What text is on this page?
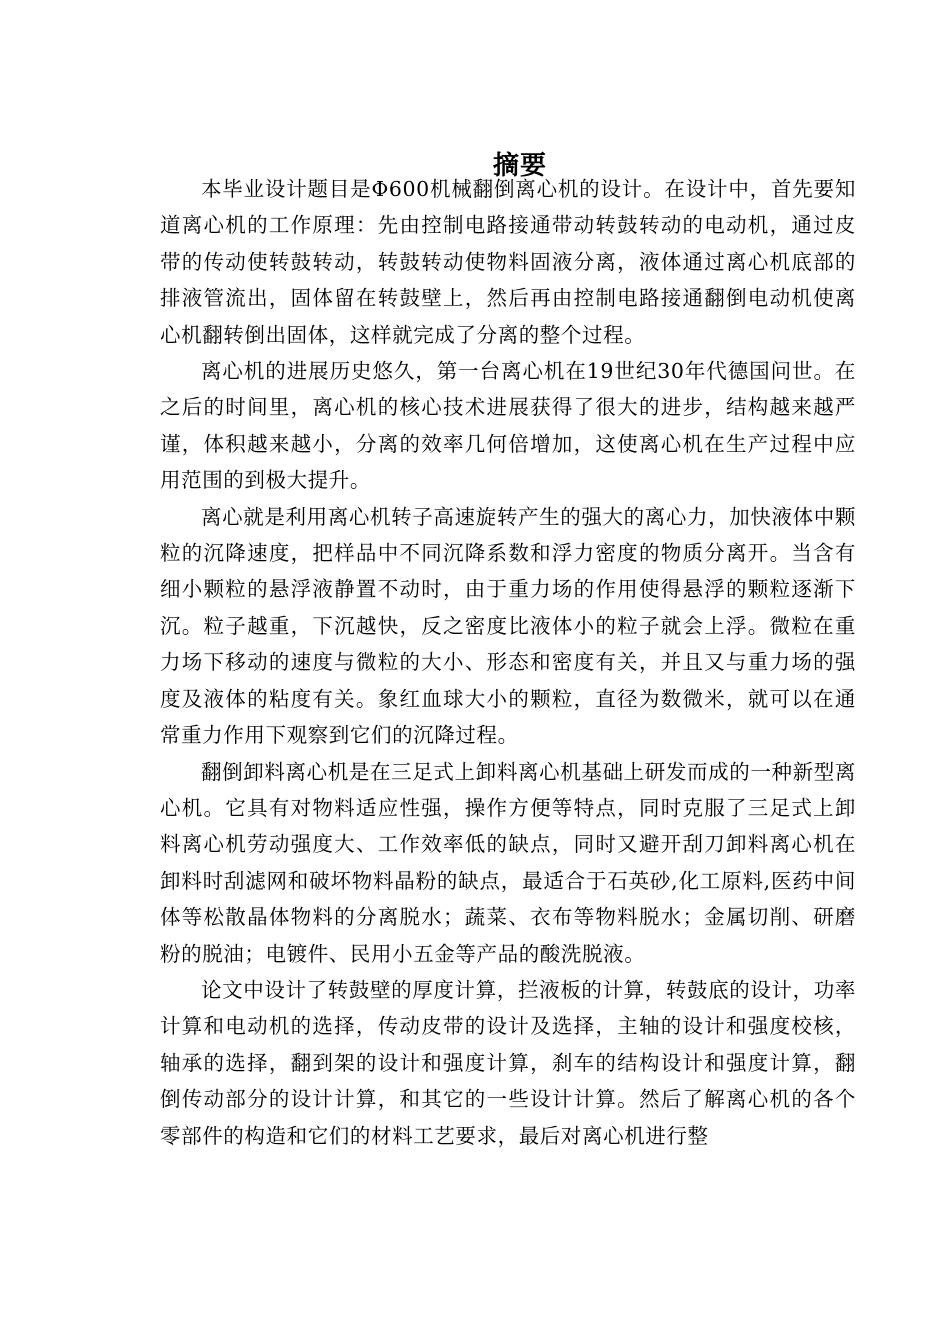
摘要

本毕业设计题目是Φ600机械翻倒离心机的设计。在设计中，首先要知道离心机的工作原理：先由控制电路接通带动转鼓转动的电动机，通过皮带的传动使转鼓转动，转鼓转动使物料固液分离，液体通过离心机底部的排液管流出，固体留在转鼓壁上，然后再由控制电路接通翻倒电动机使离心机翻转倒出固体，这样就完成了分离的整个过程。

离心机的进展历史悠久，第一台离心机在19世纪30年代德国问世。在之后的时间里，离心机的核心技术进展获得了很大的进步，结构越来越严谨，体积越来越小，分离的效率几何倍增加，这使离心机在生产过程中应用范围的到极大提升。

离心就是利用离心机转子高速旋转产生的强大的离心力，加快液体中颗粒的沉降速度，把样品中不同沉降系数和浮力密度的物质分离开。当含有细小颗粒的悬浮液静置不动时，由于重力场的作用使得悬浮的颗粒逐渐下沉。粒子越重，下沉越快，反之密度比液体小的粒子就会上浮。微粒在重力场下移动的速度与微粒的大小、形态和密度有关，并且又与重力场的强度及液体的粘度有关。象红血球大小的颗粒，直径为数微米，就可以在通常重力作用下观察到它们的沉降过程。

翻倒卸料离心机是在三足式上卸料离心机基础上研发而成的一种新型离心机。它具有对物料适应性强，操作方便等特点，同时克服了三足式上卸料离心机劳动强度大、工作效率低的缺点，同时又避开刮刀卸料离心机在卸料时刮滤网和破坏物料晶粉的缺点，最适合于石英砂,化工原料,医药中间体等松散晶体物料的分离脱水；蔬菜、衣布等物料脱水；金属切削、研磨粉的脱油；电镀件、民用小五金等产品的酸洗脱液。

论文中设计了转鼓壁的厚度计算，拦液板的计算，转鼓底的设计，功率计算和电动机的选择，传动皮带的设计及选择，主轴的设计和强度校核，轴承的选择，翻到架的设计和强度计算，刹车的结构设计和强度计算，翻倒传动部分的设计计算，和其它的一些设计计算。然后了解离心机的各个零部件的构造和它们的材料工艺要求，最后对离心机进行整
